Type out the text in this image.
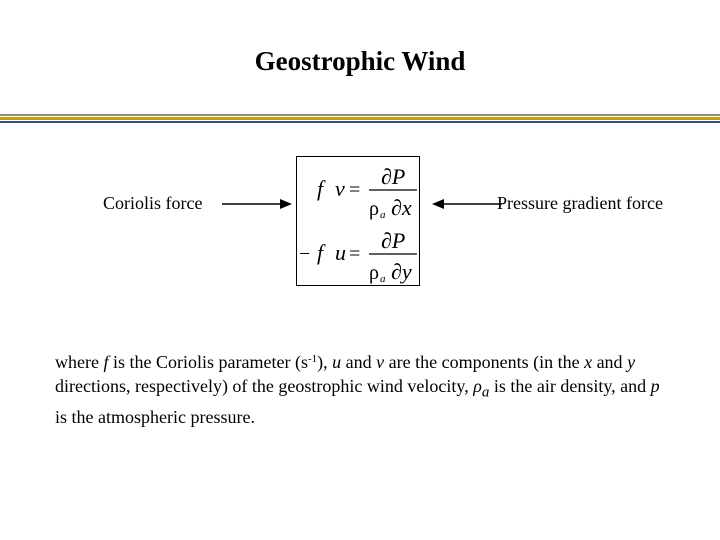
Geostrophic Wind
Coriolis force	Pressure gradient force
f v =
∂P
ρ a ∂x
− f u =
∂P
ρ a ∂y
where f is the Coriolis parameter $(s^{-1})$, u and v are the components (in the x and y directions, respectively) of the geostrophic wind velocity, $\rho_a$ is the air density, and p is the atmospheric pressure.
